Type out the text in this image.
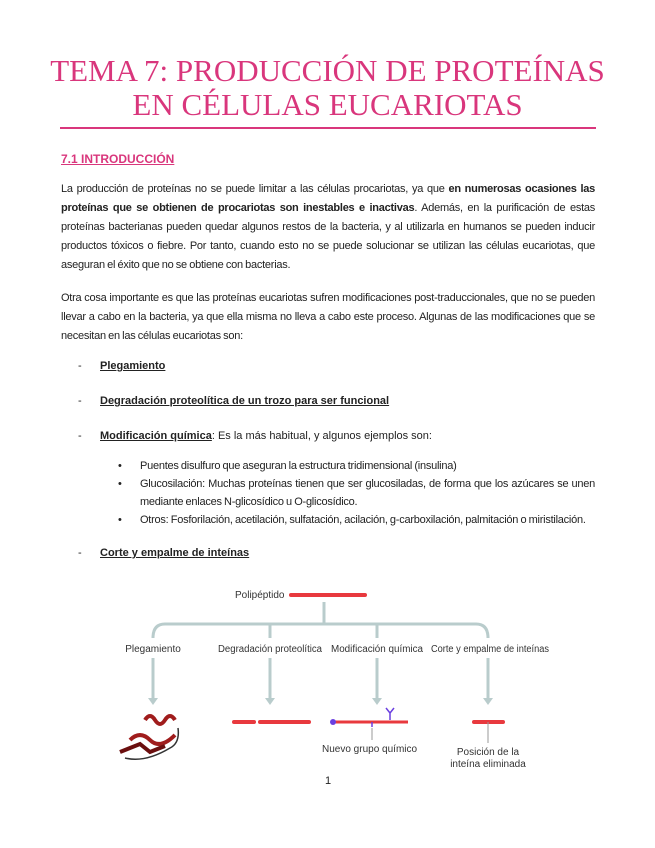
TEMA 7: PRODUCCIÓN DE PROTEÍNAS
EN CÉLULAS EUCARIOTAS
7.1 INTRODUCCIÓN
La producción de proteínas no se puede limitar a las células procariotas, ya que en numerosas ocasiones las proteínas que se obtienen de procariotas son inestables e inactivas. Además, en la purificación de estas proteínas bacterianas pueden quedar algunos restos de la bacteria, y al utilizarla en humanos se pueden inducir productos tóxicos o fiebre. Por tanto, cuando esto no se puede solucionar se utilizan las células eucariotas, que aseguran el éxito que no se obtiene con bacterias.
Otra cosa importante es que las proteínas eucariotas sufren modificaciones post-traduccionales, que no se pueden llevar a cabo en la bacteria, ya que ella misma no lleva a cabo este proceso. Algunas de las modificaciones que se necesitan en las células eucariotas son:
- Plegamiento
- Degradación proteolítica de un trozo para ser funcional
- Modificación química: Es la más habitual, y algunos ejemplos son:
• Puentes disulfuro que aseguran la estructura tridimensional (insulina)
• Glucosilación: Muchas proteínas tienen que ser glucosiladas, de forma que los azúcares se unen mediante enlaces N-glicosídico u O-glicosídico.
• Otros: Fosforilación, acetilación, sulfatación, acilación, g-carboxilación, palmitación o miristilación.
- Corte y empalme de inteínas
Polipéptido
Plegamiento	Degradación proteolítica Modificación química Corte y empalme de inteínas
Nuevo grupo químico	Posición de la
inteína eliminada
1
